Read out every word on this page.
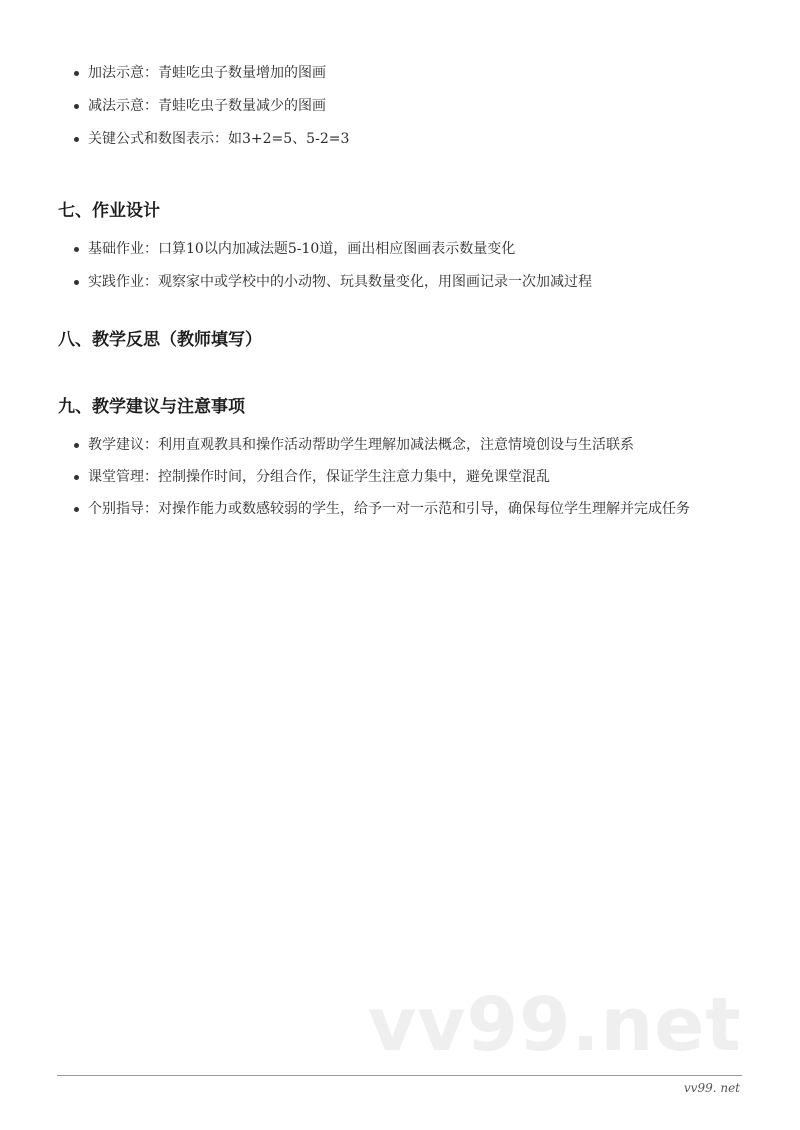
加法示意：青蛙吃虫子数量增加的图画
减法示意：青蛙吃虫子数量减少的图画
关键公式和数图表示：如3+2=5、5-2=3
七、作业设计
基础作业：口算10以内加减法题5-10道，画出相应图画表示数量变化
实践作业：观察家中或学校中的小动物、玩具数量变化，用图画记录一次加减过程
八、教学反思（教师填写）
九、教学建议与注意事项
教学建议：利用直观教具和操作活动帮助学生理解加减法概念，注意情境创设与生活联系
课堂管理：控制操作时间，分组合作，保证学生注意力集中，避免课堂混乱
个别指导：对操作能力或数感较弱的学生，给予一对一示范和引导，确保每位学生理解并完成任务
vv99.net
vv99. net
